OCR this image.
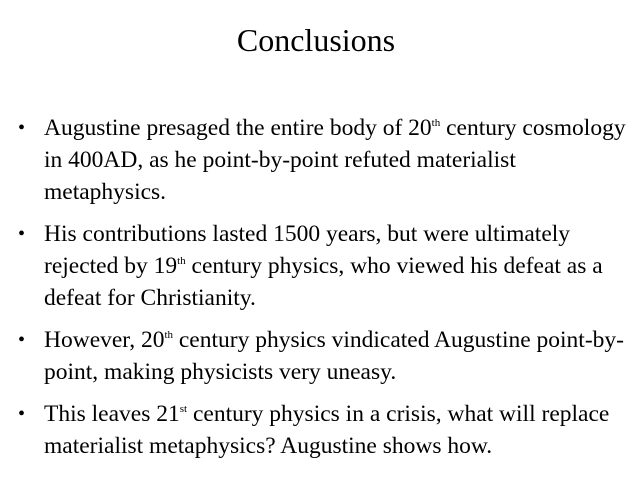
Conclusions
• Augustine presaged the entire body of 20th century cosmology in 400AD, as he point-by-point refuted materialist metaphysics.
• His contributions lasted 1500 years, but were ultimately rejected by 19th century physics, who viewed his defeat as a defeat for Christianity.
• However, 20th century physics vindicated Augustine point-by-point, making physicists very uneasy.
• This leaves 21st century physics in a crisis, what will replace materialist metaphysics? Augustine shows how.
